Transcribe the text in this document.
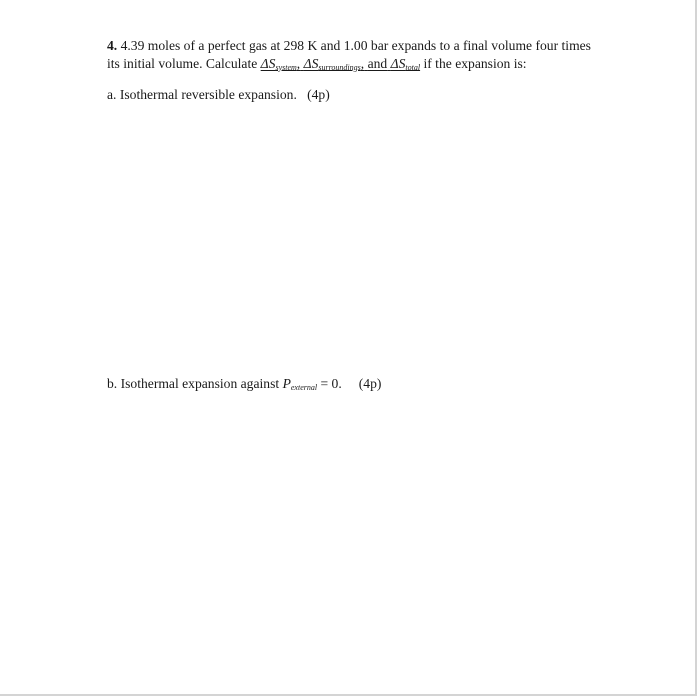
4. 4.39 moles of a perfect gas at 298 K and 1.00 bar expands to a final volume four times
its initial volume. Calculate $\Delta S_{system}$, $\Delta S_{surroundings}$, and $\Delta S_{total}$ if the expansion is:
a. Isothermal reversible expansion. (4p)
b. Isothermal expansion against $P_{external} = 0$. (4p)
